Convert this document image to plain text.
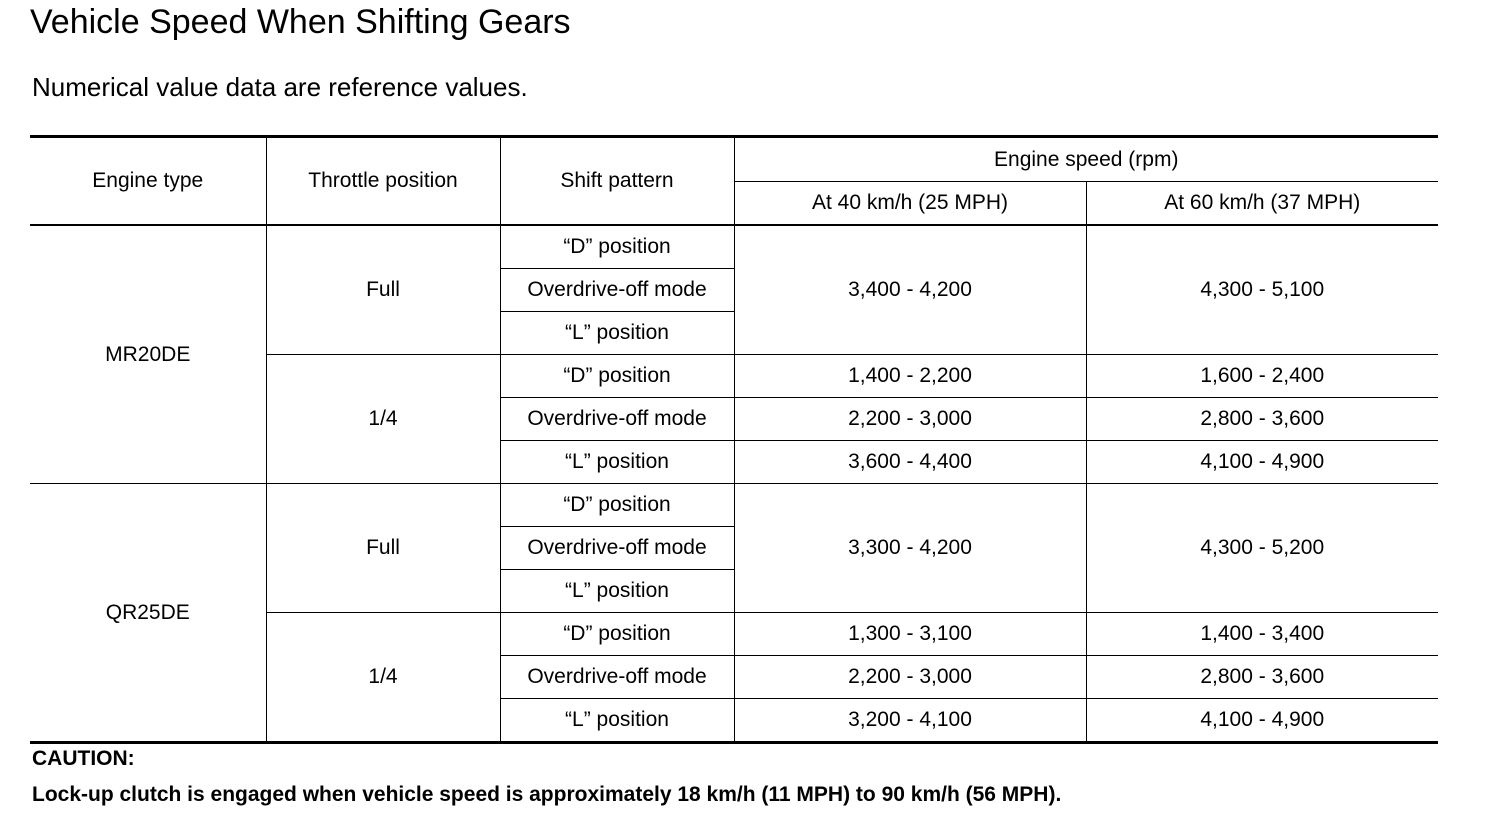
Vehicle Speed When Shifting Gears
Numerical value data are reference values.
Engine type	Throttle position	Shift pattern	Engine speed (rpm)	
			At 40 km/h (25 MPH)	At 60 km/h (37 MPH)
MR20DE	Full	“D” position	3,400 - 4,200	4,300 - 5,100
		Overdrive-off mode		
		“L” position		
	1/4	“D” position	1,400 - 2,200	1,600 - 2,400
		Overdrive-off mode	2,200 - 3,000	2,800 - 3,600
		“L” position	3,600 - 4,400	4,100 - 4,900
QR25DE	Full	“D” position	3,300 - 4,200	4,300 - 5,200
		Overdrive-off mode		
		“L” position		
	1/4	“D” position	1,300 - 3,100	1,400 - 3,400
		Overdrive-off mode	2,200 - 3,000	2,800 - 3,600
		“L” position	3,200 - 4,100	4,100 - 4,900
CAUTION:
Lock-up clutch is engaged when vehicle speed is approximately 18 km/h (11 MPH) to 90 km/h (56 MPH).
